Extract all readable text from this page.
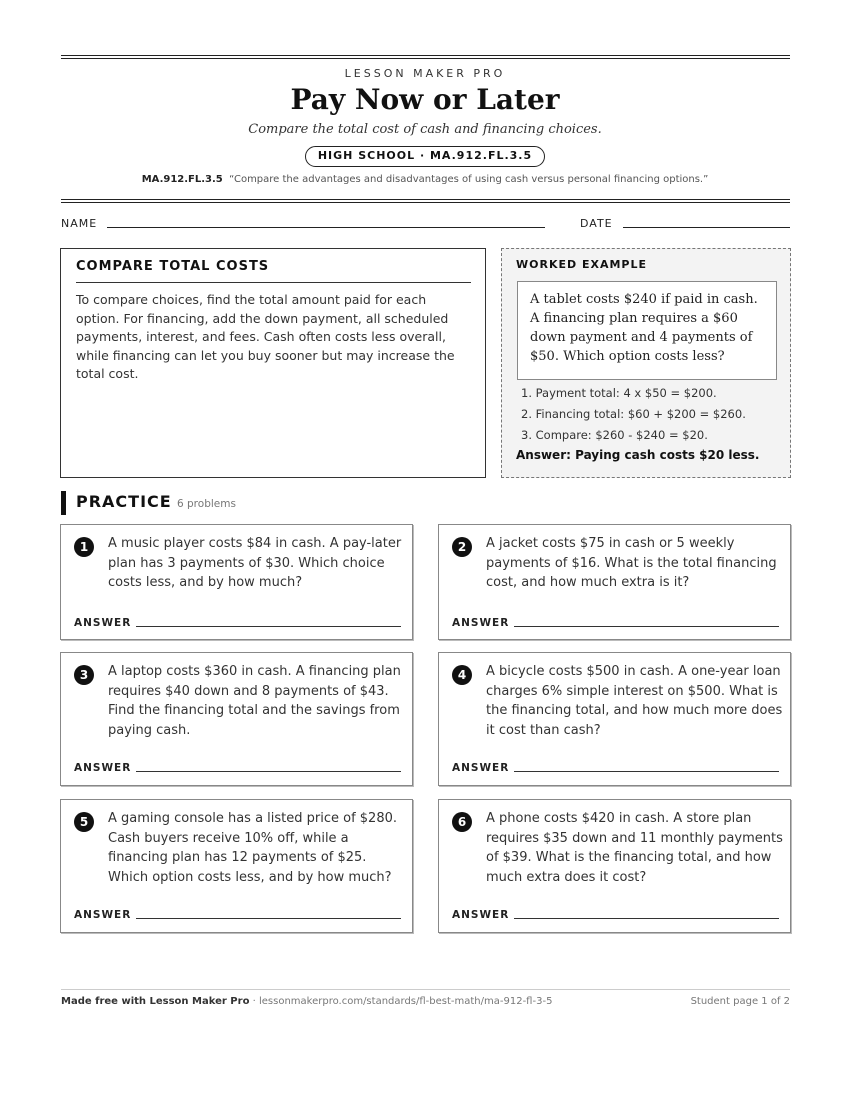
LESSON MAKER PRO
Pay Now or Later
Compare the total cost of cash and financing choices.
HIGH SCHOOL · MA.912.FL.3.5
MA.912.FL.3.5 “Compare the advantages and disadvantages of using cash versus personal financing options.”
NAME	DATE
COMPARE TOTAL COSTS

To compare choices, find the total amount paid for each option. For financing, add the down payment, all scheduled payments, interest, and fees. Cash often costs less overall, while financing can let you buy sooner but may increase the total cost.

WORKED EXAMPLE
A tablet costs $240 if paid in cash. A financing plan requires a $60 down payment and 4 payments of $50. Which option costs less?
1. Payment total: 4 x $50 = $200.
2. Financing total: $60 + $200 = $260.
3. Compare: $260 - $240 = $20.
Answer: Paying cash costs $20 less.
PRACTICE 6 problems
1	A music player costs $84 in cash. A pay-later plan has 3 payments of $30. Which choice costs less, and by how much?
ANSWER
2	A jacket costs $75 in cash or 5 weekly payments of $16. What is the total financing cost, and how much extra is it?
ANSWER
3	A laptop costs $360 in cash. A financing plan requires $40 down and 8 payments of $43. Find the financing total and the savings from paying cash.
ANSWER
4	A bicycle costs $500 in cash. A one-year loan charges 6% simple interest on $500. What is the financing total, and how much more does it cost than cash?
ANSWER
5	A gaming console has a listed price of $280. Cash buyers receive 10% off, while a financing plan has 12 payments of $25. Which option costs less, and by how much?
ANSWER
6	A phone costs $420 in cash. A store plan requires $35 down and 11 monthly payments of $39. What is the financing total, and how much extra does it cost?
ANSWER
Made free with Lesson Maker Pro · lessonmakerpro.com/standards/fl-best-math/ma-912-fl-3-5	Student page 1 of 2
